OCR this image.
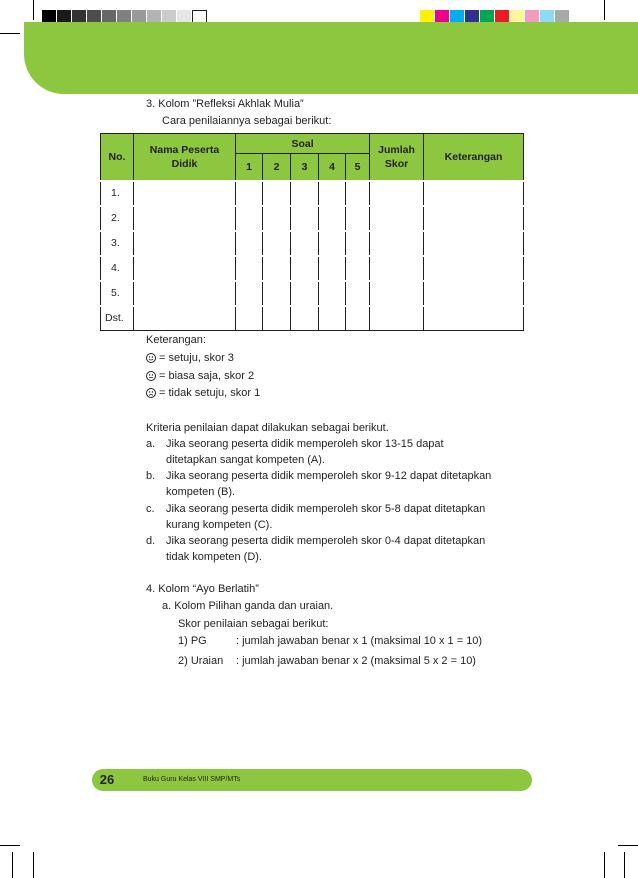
3. Kolom ”Refleksi Akhlak Mulia”
Cara penilaiannya sebagai berikut:
No.	Nama Peserta Didik	Soal					Jumlah Skor	Keterangan
		1	2	3	4	5		
1.								
2.								
3.								
4.								
5.								
Dst.								
Keterangan:
= setuju, skor 3
= biasa saja, skor 2
= tidak setuju, skor 1
Kriteria penilaian dapat dilakukan sebagai berikut.
a. Jika seorang peserta didik memperoleh skor 13-15 dapat
ditetapkan sangat kompeten (A).
b. Jika seorang peserta didik memperoleh skor 9-12 dapat ditetapkan
kompeten (B).
c. Jika seorang peserta didik memperoleh skor 5-8 dapat ditetapkan
kurang kompeten (C).
d. Jika seorang peserta didik memperoleh skor 0-4 dapat ditetapkan
tidak kompeten (D).
4. Kolom “Ayo Berlatih”
a. Kolom Pilihan ganda dan uraian.
Skor penilaian sebagai berikut:
1) PG	: jumlah jawaban benar x 1 (maksimal 10 x 1 = 10)
2) Uraian : jumlah jawaban benar x 2 (maksimal 5 x 2 = 10)
26	Buku Guru Kelas VIII SMP/MTs
